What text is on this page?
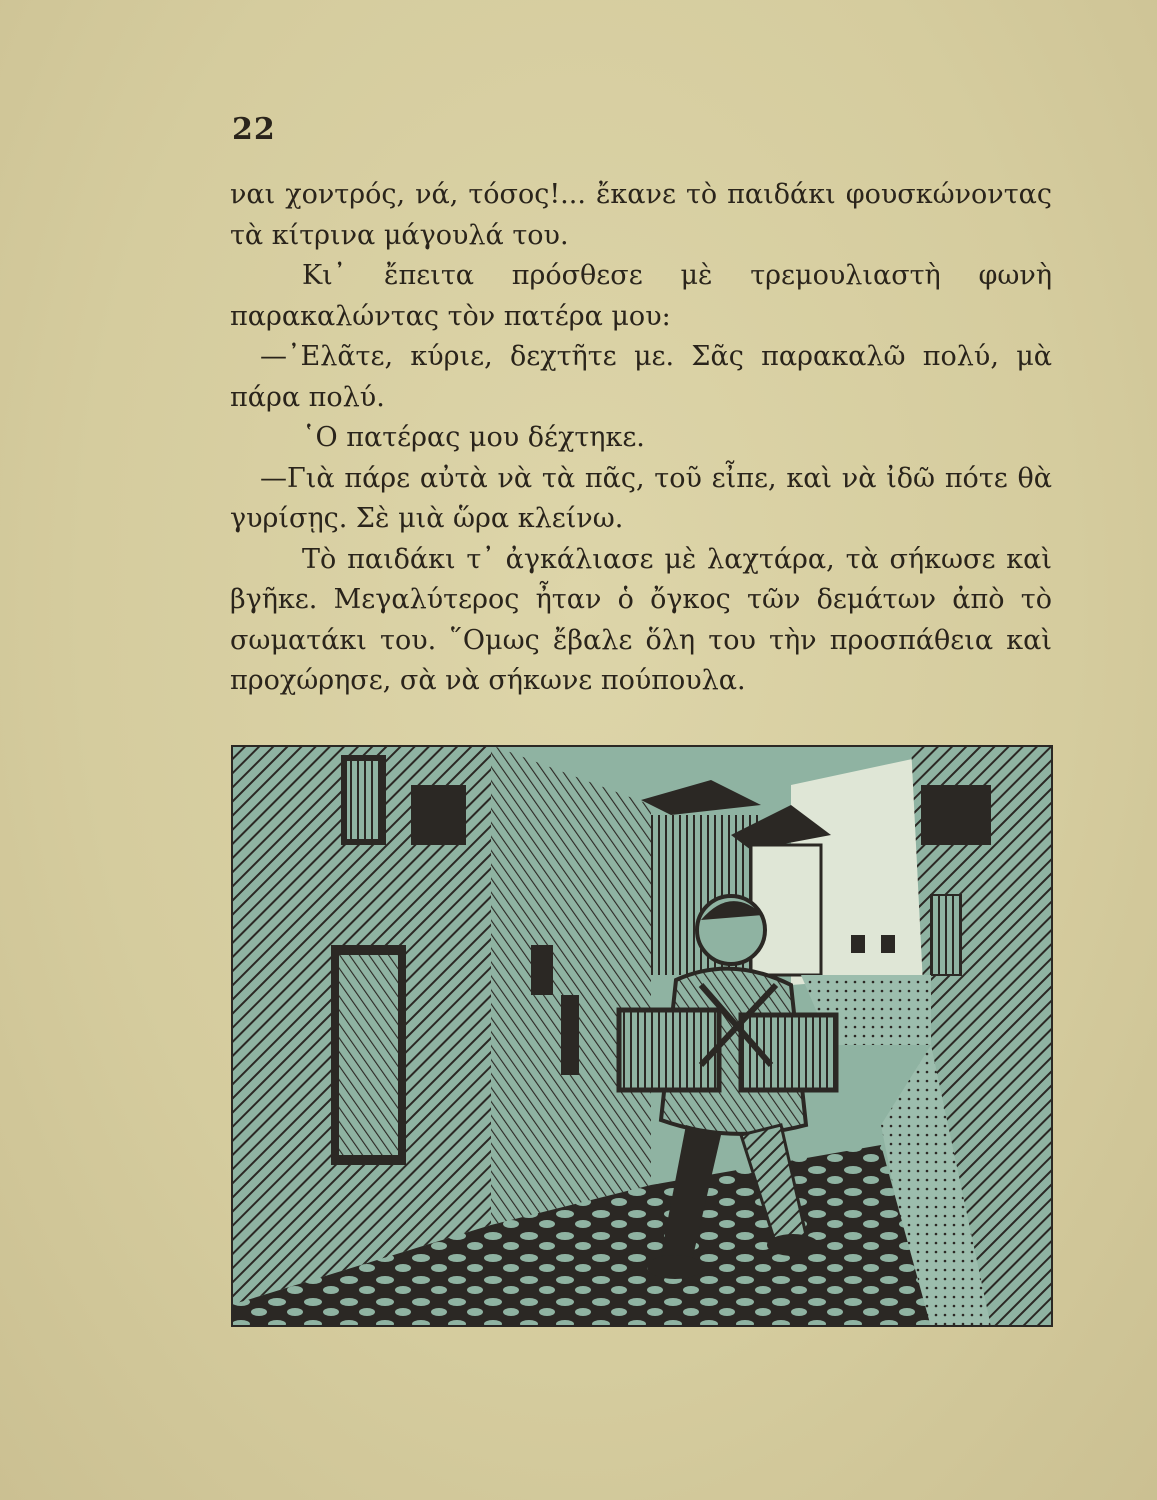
22

ναι χοντρός, νά, τόσος!... ἔκανε τὸ παιδάκι φουσκώνοντας τὰ κίτρινα μάγουλά του.

Κι᾽ ἔπειτα πρόσθεσε μὲ τρεμουλιαστὴ φωνὴ παρακαλώντας τὸν πατέρα μου:

—᾽Ελᾶτε, κύριε, δεχτῆτε με. Σᾶς παρακαλῶ πολύ, μὰ πάρα πολύ.

῾Ο πατέρας μου δέχτηκε.

—Γιὰ πάρε αὐτὰ νὰ τὰ πᾶς, τοῦ εἶπε, καὶ νὰ ἰδῶ πότε θὰ γυρίσῃς. Σὲ μιὰ ὥρα κλείνω.

Τὸ παιδάκι τ᾽ ἀγκάλιασε μὲ λαχτάρα, τὰ σήκωσε καὶ βγῆκε. Μεγαλύτερος ἦταν ὁ ὄγκος τῶν δεμάτων ἀπὸ τὸ σωματάκι του. ῞Ομως ἔβαλε ὅλη του τὴν προσπάθεια καὶ προχώρησε, σὰ νὰ σήκωνε πούπουλα.
